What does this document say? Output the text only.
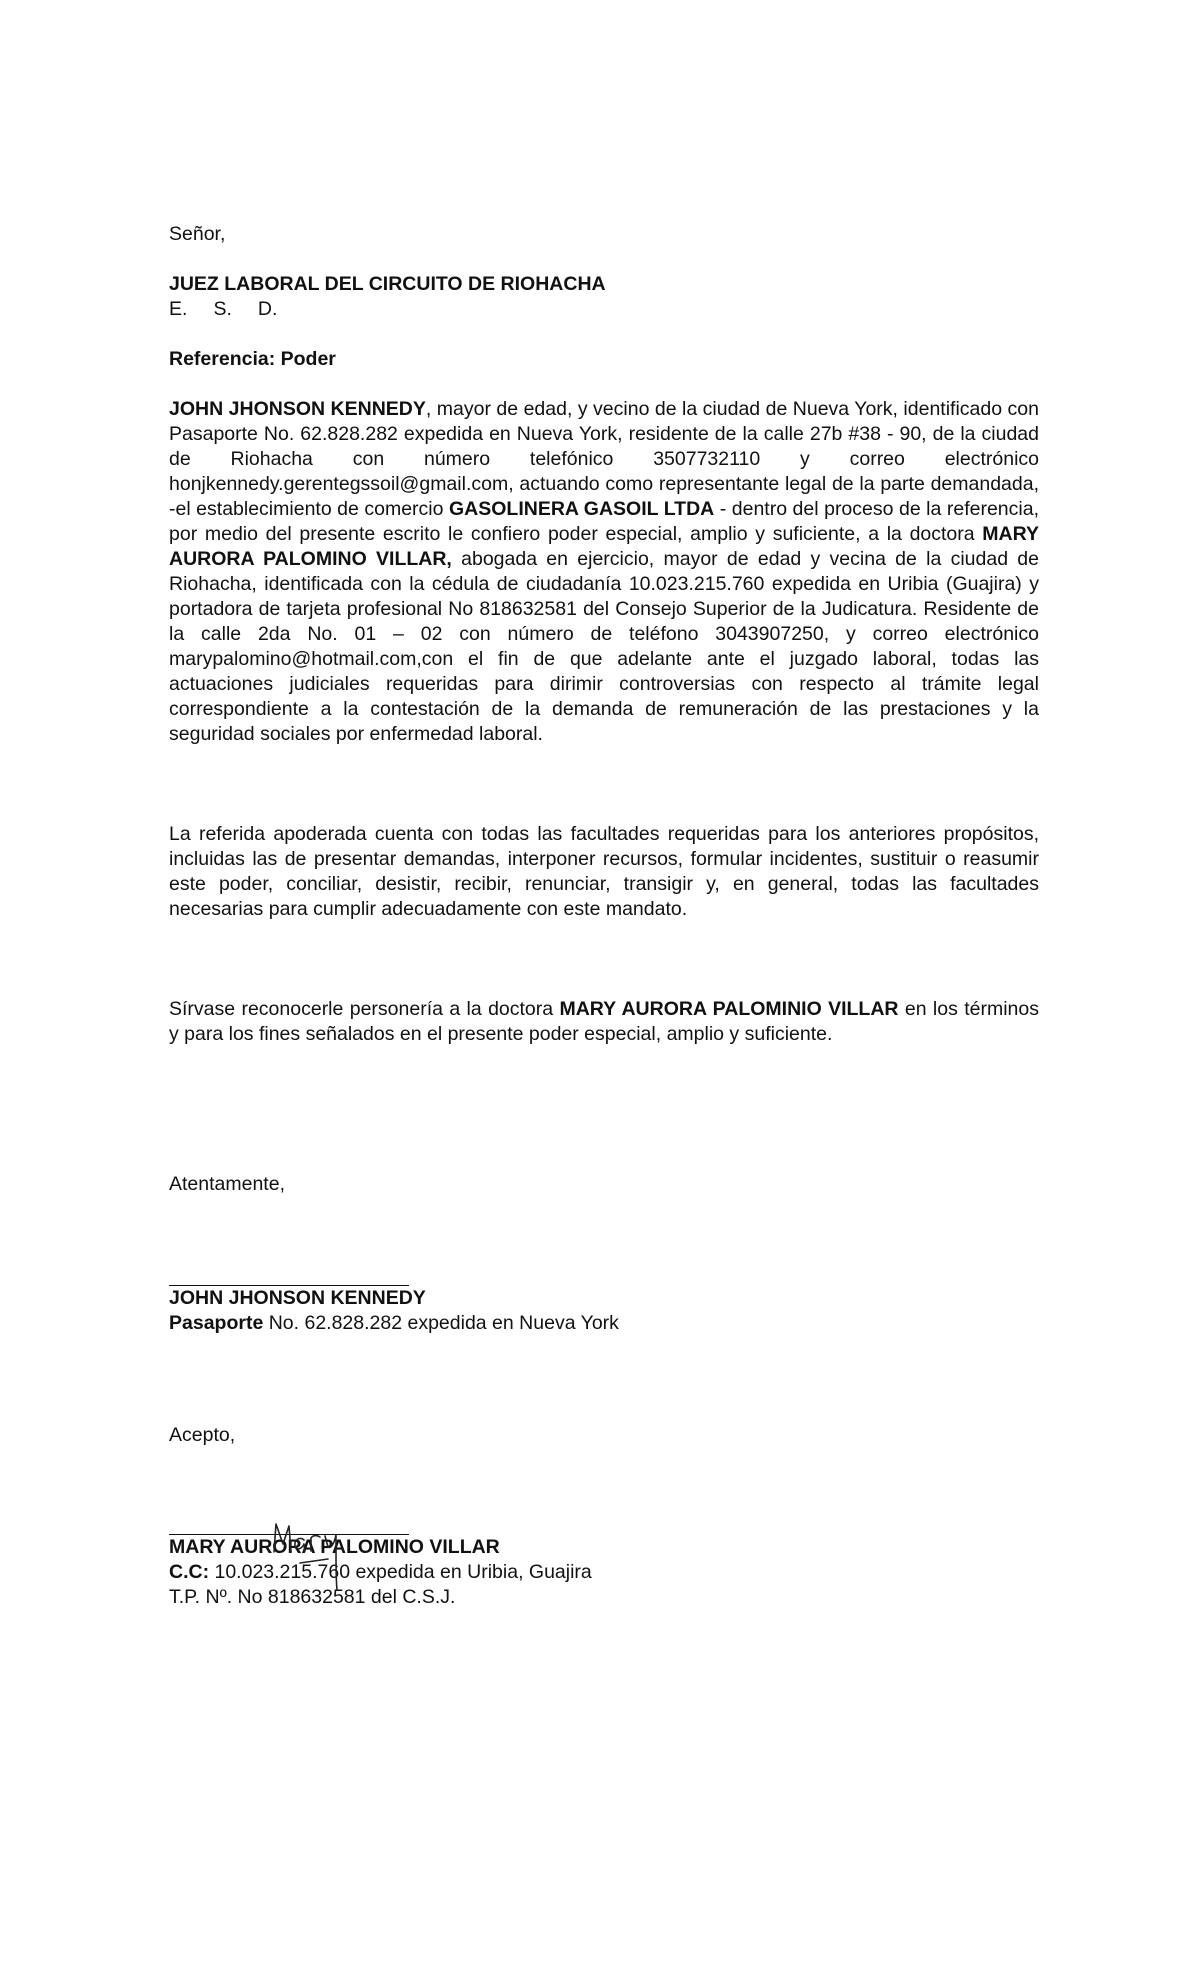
Señor,

JUEZ LABORAL DEL CIRCUITO DE RIOHACHA

E. S. D.

Referencia: Poder

JOHN JHONSON KENNEDY, mayor de edad, y vecino de la ciudad de Nueva York, identificado con Pasaporte No. 62.828.282 expedida en Nueva York, residente de la calle 27b #38 - 90, de la ciudad de Riohacha con número telefónico 3507732110 y correo electrónico honjkennedy.gerentegssoil@gmail.com, actuando como representante legal de la parte demandada, -el establecimiento de comercio GASOLINERA GASOIL LTDA - dentro del proceso de la referencia, por medio del presente escrito le confiero poder especial, amplio y suficiente, a la doctora MARY AURORA PALOMINO VILLAR, abogada en ejercicio, mayor de edad y vecina de la ciudad de Riohacha, identificada con la cédula de ciudadanía 10.023.215.760 expedida en Uribia (Guajira) y portadora de tarjeta profesional No 818632581 del Consejo Superior de la Judicatura. Residente de la calle 2da No. 01 – 02 con número de teléfono 3043907250, y correo electrónico marypalomino@hotmail.com,con el fin de que adelante ante el juzgado laboral, todas las actuaciones judiciales requeridas para dirimir controversias con respecto al trámite legal correspondiente a la contestación de la demanda de remuneración de las prestaciones y la seguridad sociales por enfermedad laboral.

La referida apoderada cuenta con todas las facultades requeridas para los anteriores propósitos, incluidas las de presentar demandas, interponer recursos, formular incidentes, sustituir o reasumir este poder, conciliar, desistir, recibir, renunciar, transigir y, en general, todas las facultades necesarias para cumplir adecuadamente con este mandato.

Sírvase reconocerle personería a la doctora MARY AURORA PALOMINIO VILLAR en los términos y para los fines señalados en el presente poder especial, amplio y suficiente.

Atentamente,

JOHN JHONSON KENNEDY

Pasaporte No. 62.828.282 expedida en Nueva York

Acepto,

MARY AURORA PALOMINO VILLAR

C.C: 10.023.215.760 expedida en Uribia, Guajira

T.P. Nº. No 818632581 del C.S.J.
